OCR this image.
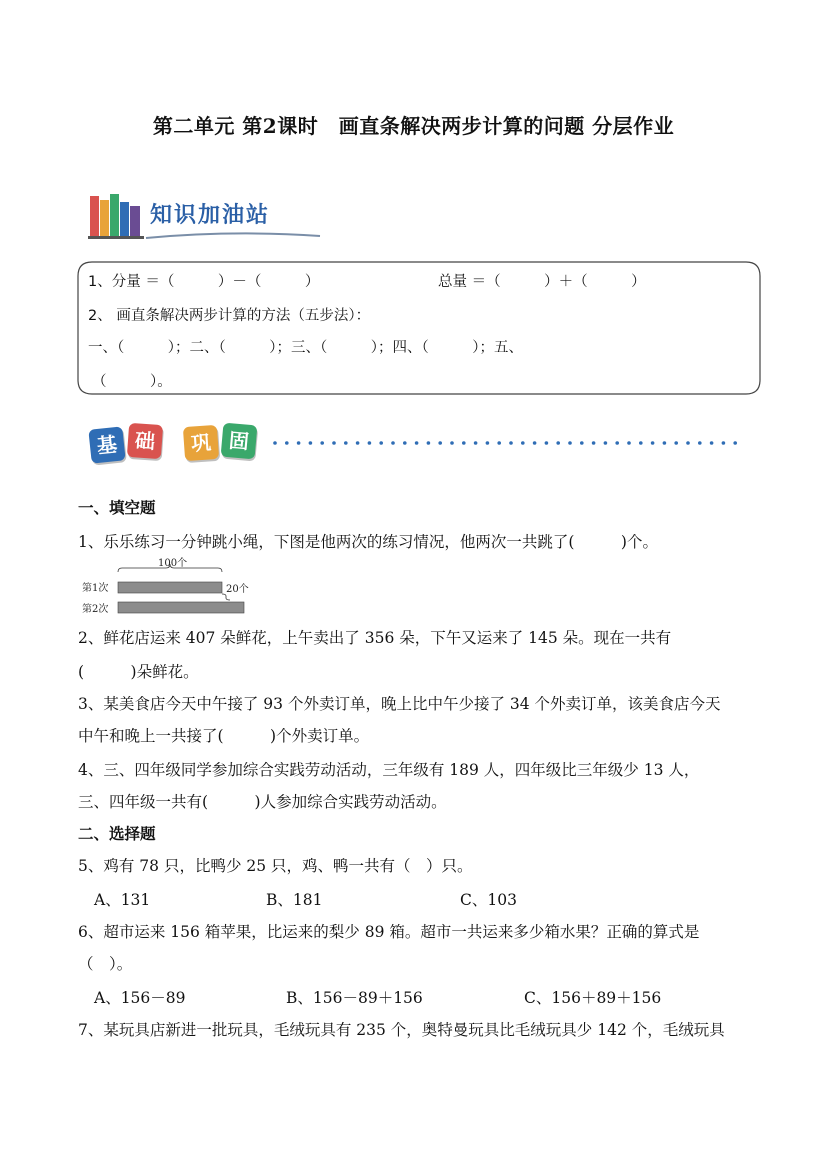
第二单元 第2课时　画直条解决两步计算的问题 分层作业
知识加油站
1、分量 ＝（　　　）－（　　　）	总量 ＝（　　　）＋（　　　）
2、 画直条解决两步计算的方法（五步法）：
一、（　　　）；二、（　　　）；三、（　　　）；四、（　　　）；五、
（　　　）。
基 础	巩 固
一、填空题
1、乐乐练习一分钟跳小绳，下图是他两次的练习情况，他两次一共跳了(　　　)个。
100个
第1次	20个
第2次
2、鲜花店运来 407 朵鲜花，上午卖出了 356 朵，下午又运来了 145 朵。现在一共有
(　　　)朵鲜花。
3、某美食店今天中午接了 93 个外卖订单，晚上比中午少接了 34 个外卖订单，该美食店今天
中午和晚上一共接了(　　　)个外卖订单。
4、三、四年级同学参加综合实践劳动活动，三年级有 189 人，四年级比三年级少 13 人，
三、四年级一共有(　　　)人参加综合实践劳动活动。
二、选择题
5、鸡有 78 只，比鸭少 25 只，鸡、鸭一共有（　）只。
A、131	B、181	C、103
6、超市运来 156 箱苹果，比运来的梨少 89 箱。超市一共运来多少箱水果？正确的算式是
（　）。
A、156－89	B、156－89＋156	C、156＋89＋156
7、某玩具店新进一批玩具，毛绒玩具有 235 个，奥特曼玩具比毛绒玩具少 142 个，毛绒玩具
